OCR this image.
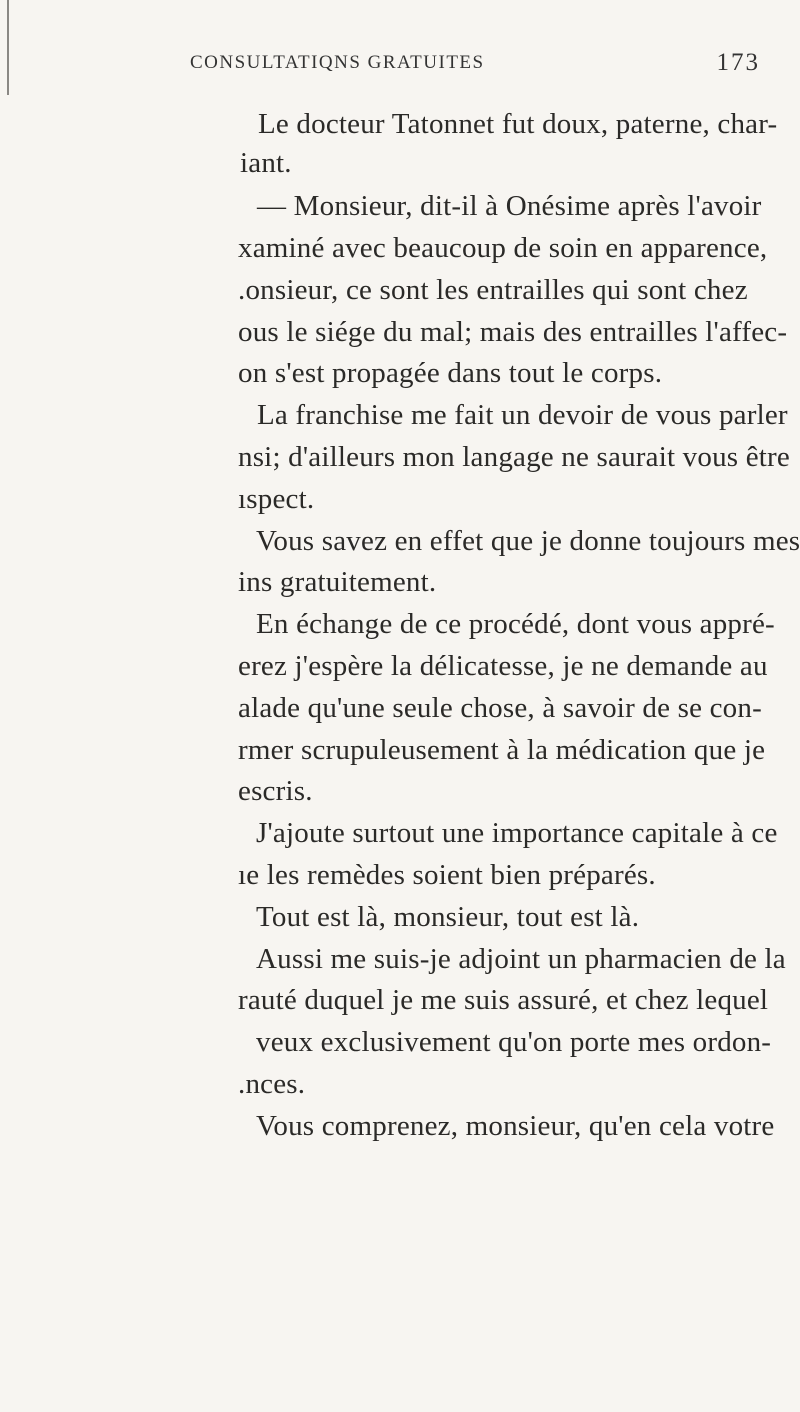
CONSULTATIQNS GRATUITES	173
Le docteur Tatonnet fut doux, paterne, char-
iant.
— Monsieur, dit-il à Onésime après l'avoir
xaminé avec beaucoup de soin en apparence,
.onsieur, ce sont les entrailles qui sont chez
ous le siége du mal; mais des entrailles l'affec-
on s'est propagée dans tout le corps.
La franchise me fait un devoir de vous parler
nsi; d'ailleurs mon langage ne saurait vous être
ıspect.
Vous savez en effet que je donne toujours mes
ins gratuitement.
En échange de ce procédé, dont vous appré-
erez j'espère la délicatesse, je ne demande au
alade qu'une seule chose, à savoir de se con-
rmer scrupuleusement à la médication que je
escris.
J'ajoute surtout une importance capitale à ce
ıe les remèdes soient bien préparés.
Tout est là, monsieur, tout est là.
Aussi me suis-je adjoint un pharmacien de la
rauté duquel je me suis assuré, et chez lequel
veux exclusivement qu'on porte mes ordon-
.nces.
Vous comprenez, monsieur, qu'en cela votre
